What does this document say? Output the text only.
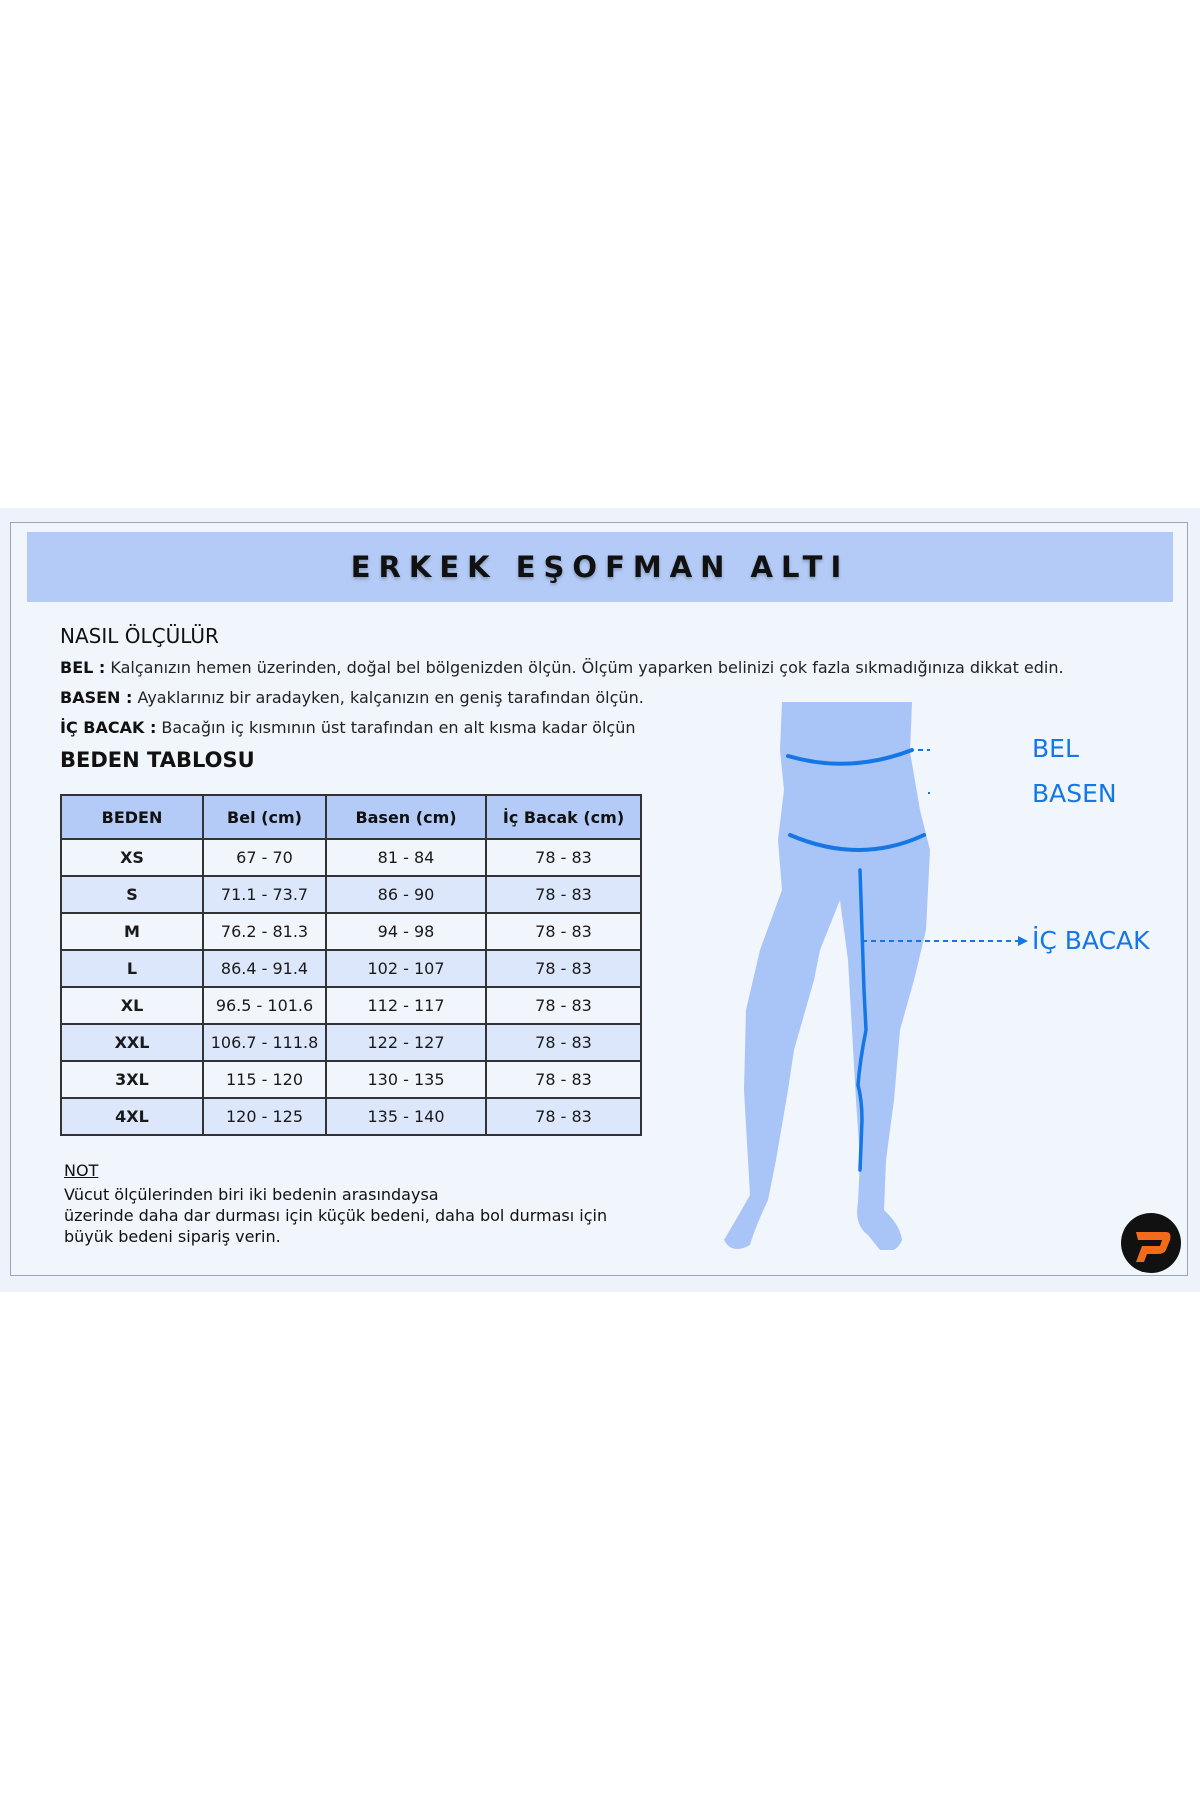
ERKEK EŞOFMAN ALTI
NASIL ÖLÇÜLÜR
BEL : Kalçanızın hemen üzerinden, doğal bel bölgenizden ölçün. Ölçüm yaparken belinizi çok fazla sıkmadığınıza dikkat edin.
BASEN : Ayaklarınız bir aradayken, kalçanızın en geniş tarafından ölçün.
İÇ BACAK : Bacağın iç kısmının üst tarafından en alt kısma kadar ölçün
BEDEN TABLOSU
BEDEN	Bel (cm)	Basen (cm)	İç Bacak (cm)
XS	67 - 70	81 - 84	78 - 83
S	71.1 - 73.7	86 - 90	78 - 83
M	76.2 - 81.3	94 - 98	78 - 83
L	86.4 - 91.4	102 - 107	78 - 83
XL	96.5 - 101.6	112 - 117	78 - 83
XXL	106.7 - 111.8	122 - 127	78 - 83
3XL	115 - 120	130 - 135	78 - 83
4XL	120 - 125	135 - 140	78 - 83
NOT
Vücut ölçülerinden biri iki bedenin arasındaysa
üzerinde daha dar durması için küçük bedeni, daha bol durması için
büyük bedeni sipariş verin.
BEL
BASEN
İÇ BACAK
